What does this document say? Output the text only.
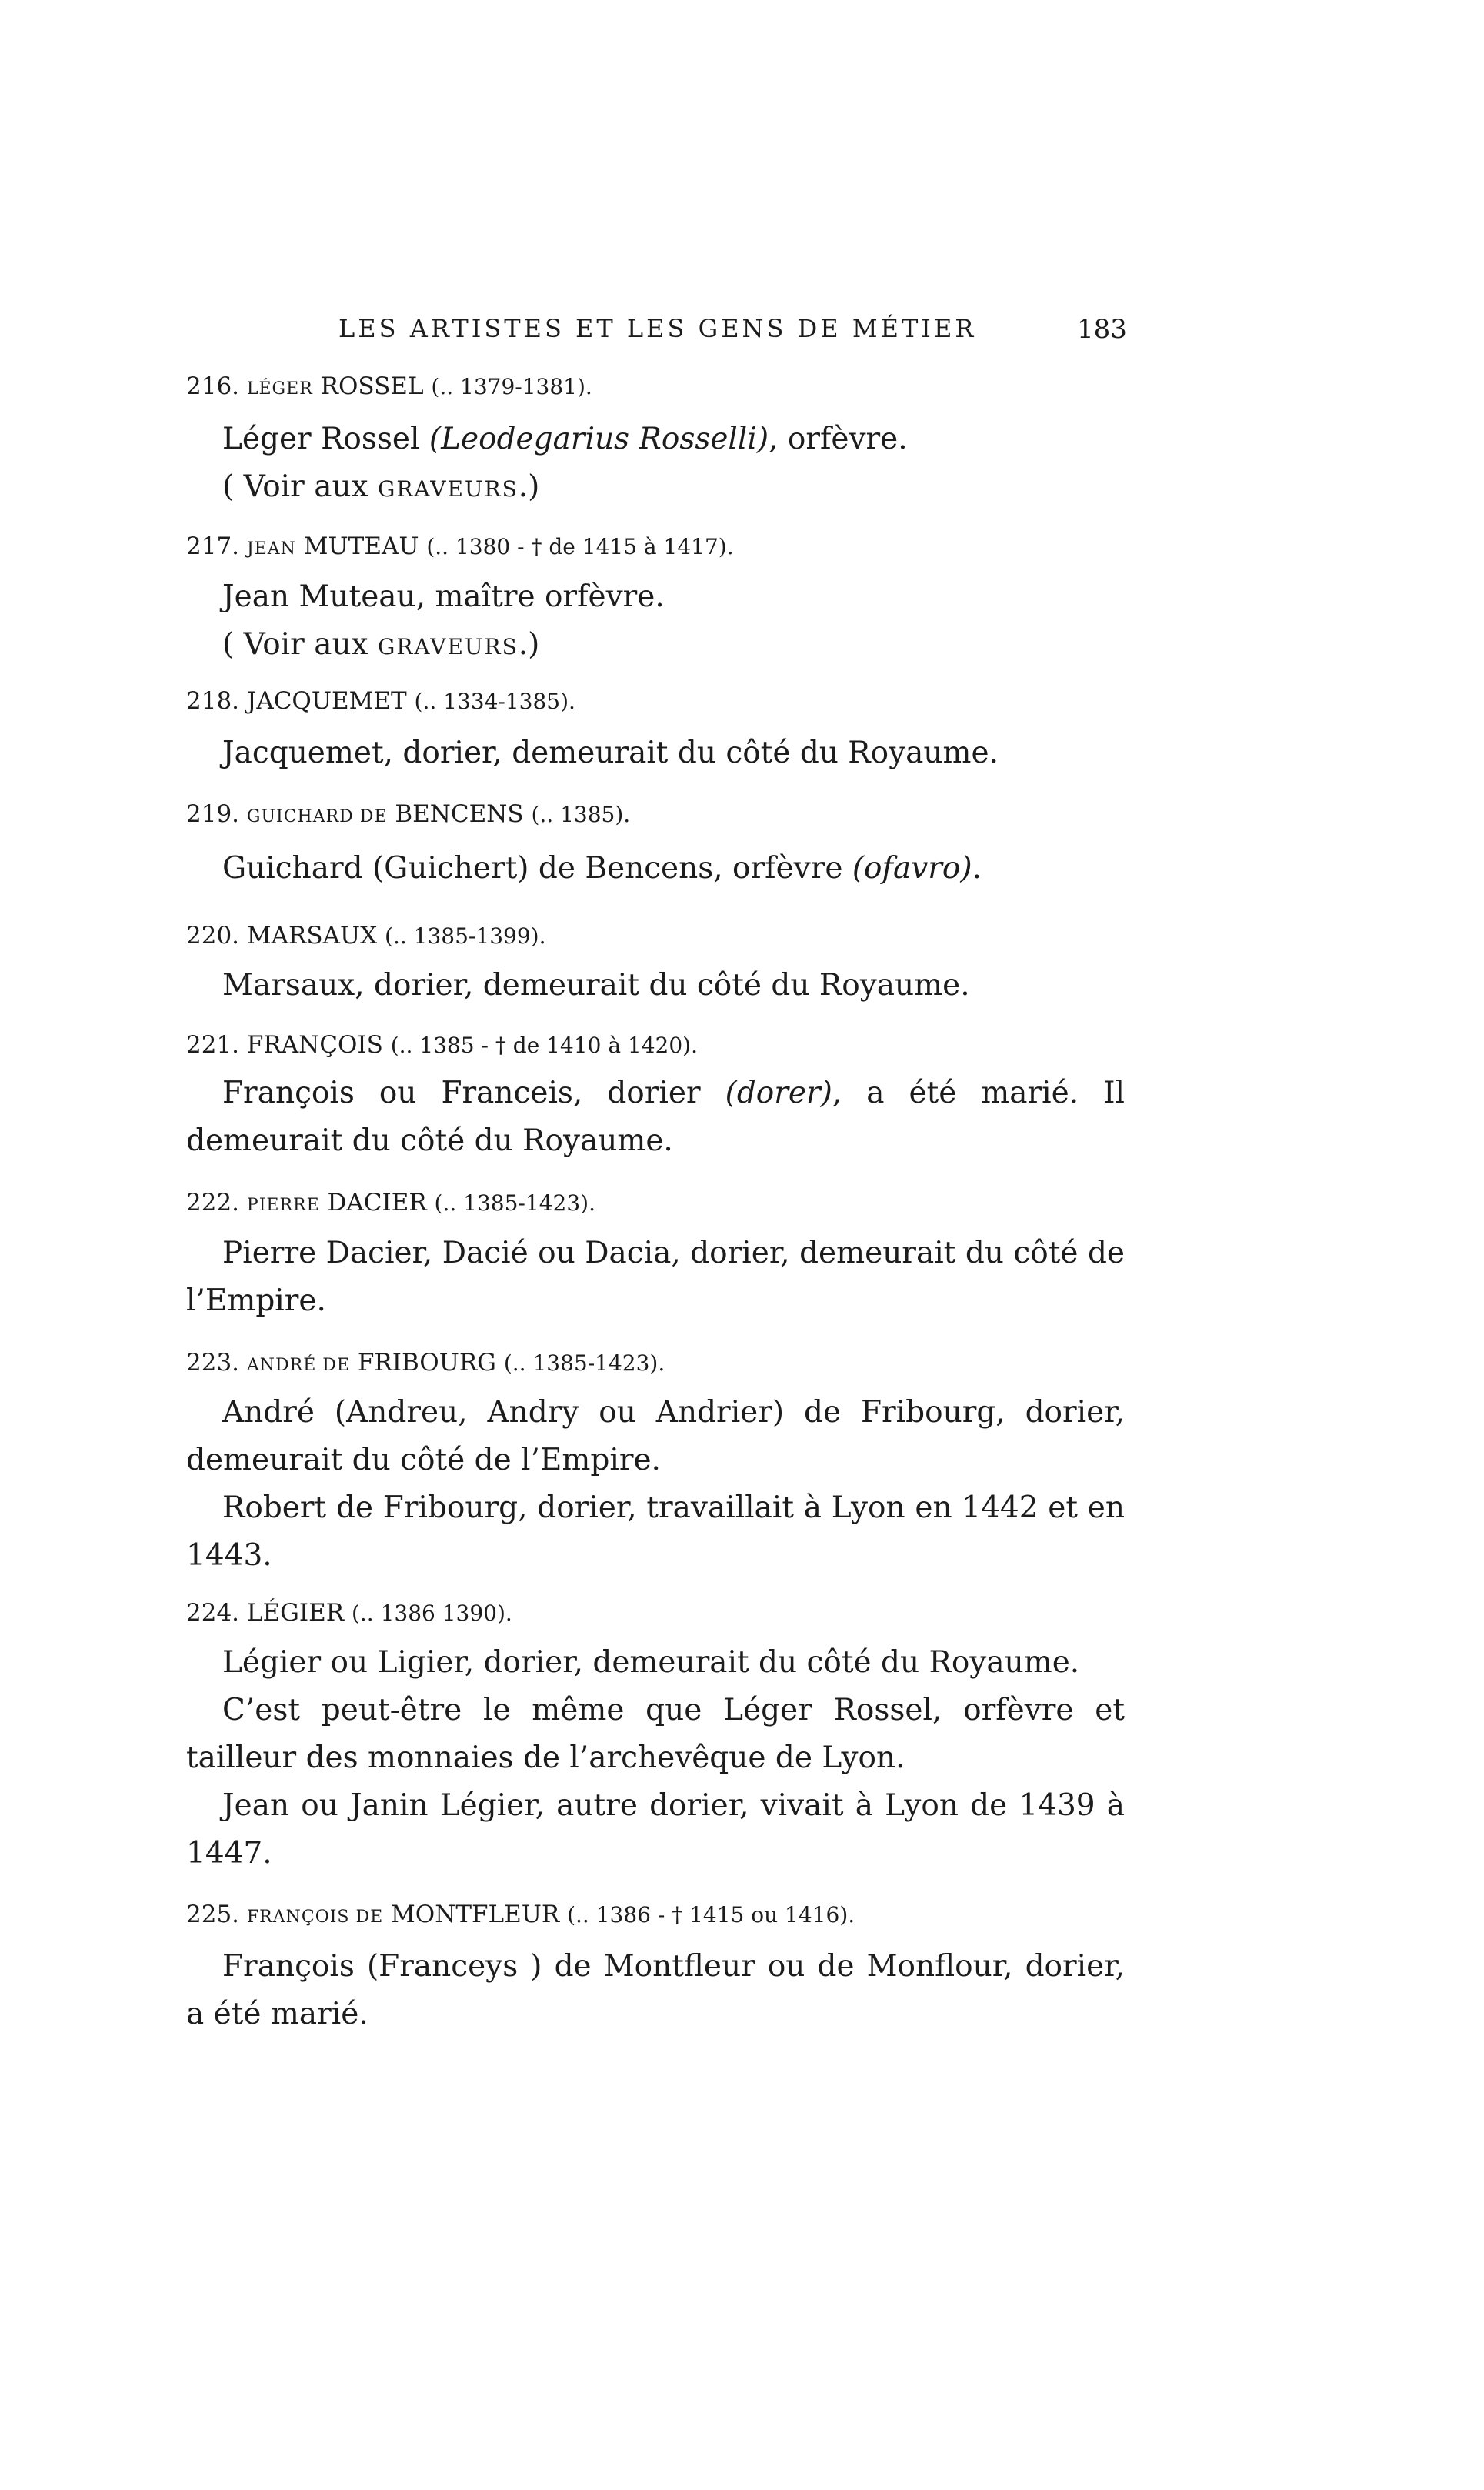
LES ARTISTES ET LES GENS DE MÉTIER	183
216. LÉGER ROSSEL (.. 1379-1381).
Léger Rossel (Leodegarius Rosselli), orfèvre.
( Voir aux GRAVEURS.)
217. JEAN MUTEAU (.. 1380 - † de 1415 à 1417).
Jean Muteau, maître orfèvre.
( Voir aux GRAVEURS.)
218. JACQUEMET (.. 1334-1385).
Jacquemet, dorier, demeurait du côté du Royaume.
219. GUICHARD DE BENCENS (.. 1385).
Guichard (Guichert) de Bencens, orfèvre (ofavro).
220. MARSAUX (.. 1385-1399).
Marsaux, dorier, demeurait du côté du Royaume.
221. FRANÇOIS (.. 1385 - † de 1410 à 1420).
François ou Franceis, dorier (dorer), a été marié. Il demeurait du côté du Royaume.
222. PIERRE DACIER (.. 1385-1423).
Pierre Dacier, Dacié ou Dacia, dorier, demeurait du côté de l’Empire.
223. ANDRÉ DE FRIBOURG (.. 1385-1423).
André (Andreu, Andry ou Andrier) de Fribourg, dorier, demeurait du côté de l’Empire.
Robert de Fribourg, dorier, travaillait à Lyon en 1442 et en 1443.
224. LÉGIER (.. 1386 1390).
Légier ou Ligier, dorier, demeurait du côté du Royaume.
C’est peut-être le même que Léger Rossel, orfèvre et tailleur des monnaies de l’archevêque de Lyon.
Jean ou Janin Légier, autre dorier, vivait à Lyon de 1439 à 1447.
225. FRANÇOIS DE MONTFLEUR (.. 1386 - † 1415 ou 1416).
François (Franceys ) de Montfleur ou de Monflour, dorier, a été marié.
